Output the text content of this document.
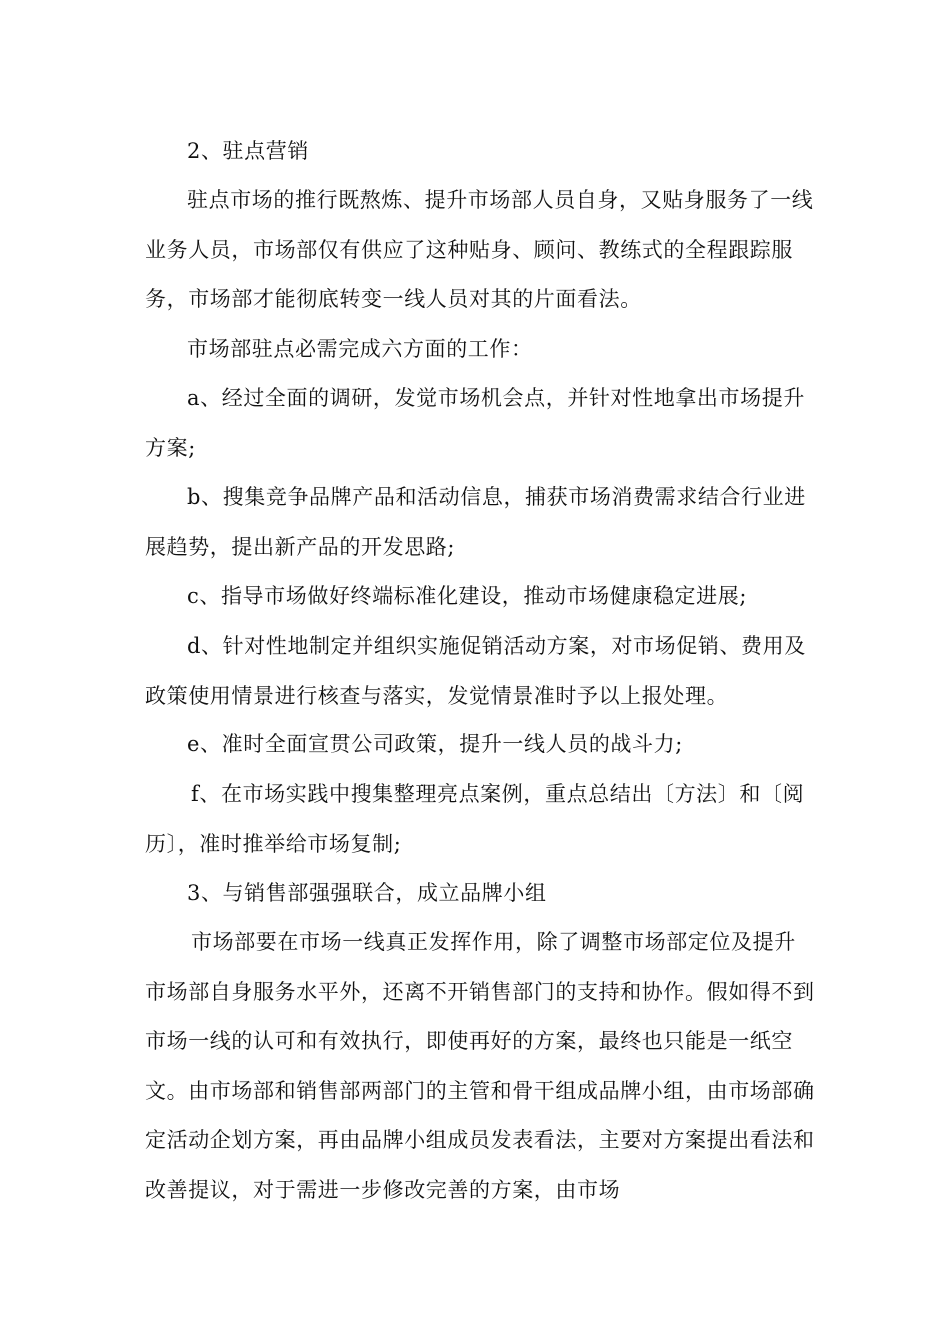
2、驻点营销

驻点市场的推行既熬炼、提升市场部人员自身，又贴身服务了一线业务人员，市场部仅有供应了这种贴身、顾问、教练式的全程跟踪服务，市场部才能彻底转变一线人员对其的片面看法。

市场部驻点必需完成六方面的工作：

a、经过全面的调研，发觉市场机会点，并针对性地拿出市场提升方案;

b、搜集竞争品牌产品和活动信息，捕获市场消费需求结合行业进展趋势，提出新产品的开发思路;

c、指导市场做好终端标准化建设，推动市场健康稳定进展;

d、针对性地制定并组织实施促销活动方案，对市场促销、费用及政策使用情景进行核查与落实，发觉情景准时予以上报处理。

e、准时全面宣贯公司政策，提升一线人员的战斗力;

f、在市场实践中搜集整理亮点案例，重点总结出〔方法〕和〔阅历〕，准时推举给市场复制;

3、与销售部强强联合，成立品牌小组

市场部要在市场一线真正发挥作用，除了调整市场部定位及提升市场部自身服务水平外，还离不开销售部门的支持和协作。假如得不到市场一线的认可和有效执行，即使再好的方案，最终也只能是一纸空文。由市场部和销售部两部门的主管和骨干组成品牌小组，由市场部确定活动企划方案，再由品牌小组成员发表看法，主要对方案提出看法和改善提议，对于需进一步修改完善的方案，由市场
